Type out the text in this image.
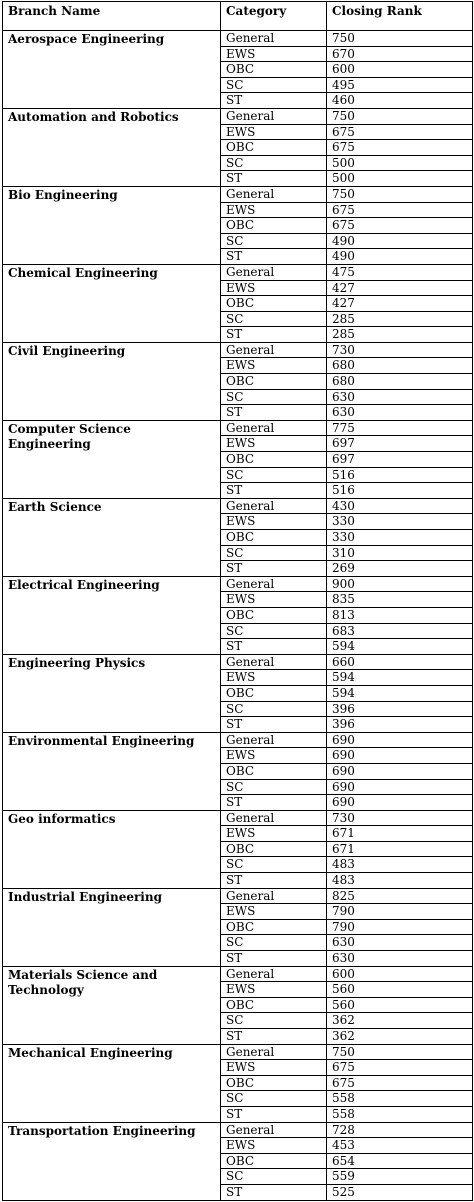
Branch Name	Category	Closing Rank
Aerospace Engineering	General	750
	EWS	670
	OBC	600
	SC	495
	ST	460
Automation and Robotics	General	750
	EWS	675
	OBC	675
	SC	500
	ST	500
Bio Engineering	General	750
	EWS	675
	OBC	675
	SC	490
	ST	490
Chemical Engineering	General	475
	EWS	427
	OBC	427
	SC	285
	ST	285
Civil Engineering	General	730
	EWS	680
	OBC	680
	SC	630
	ST	630
Computer Science Engineering	General	775
	EWS	697
	OBC	697
	SC	516
	ST	516
Earth Science	General	430
	EWS	330
	OBC	330
	SC	310
	ST	269
Electrical Engineering	General	900
	EWS	835
	OBC	813
	SC	683
	ST	594
Engineering Physics	General	660
	EWS	594
	OBC	594
	SC	396
	ST	396
Environmental Engineering	General	690
	EWS	690
	OBC	690
	SC	690
	ST	690
Geo informatics	General	730
	EWS	671
	OBC	671
	SC	483
	ST	483
Industrial Engineering	General	825
	EWS	790
	OBC	790
	SC	630
	ST	630
Materials Science and Technology	General	600
	EWS	560
	OBC	560
	SC	362
	ST	362
Mechanical Engineering	General	750
	EWS	675
	OBC	675
	SC	558
	ST	558
Transportation Engineering	General	728
	EWS	453
	OBC	654
	SC	559
	ST	525
